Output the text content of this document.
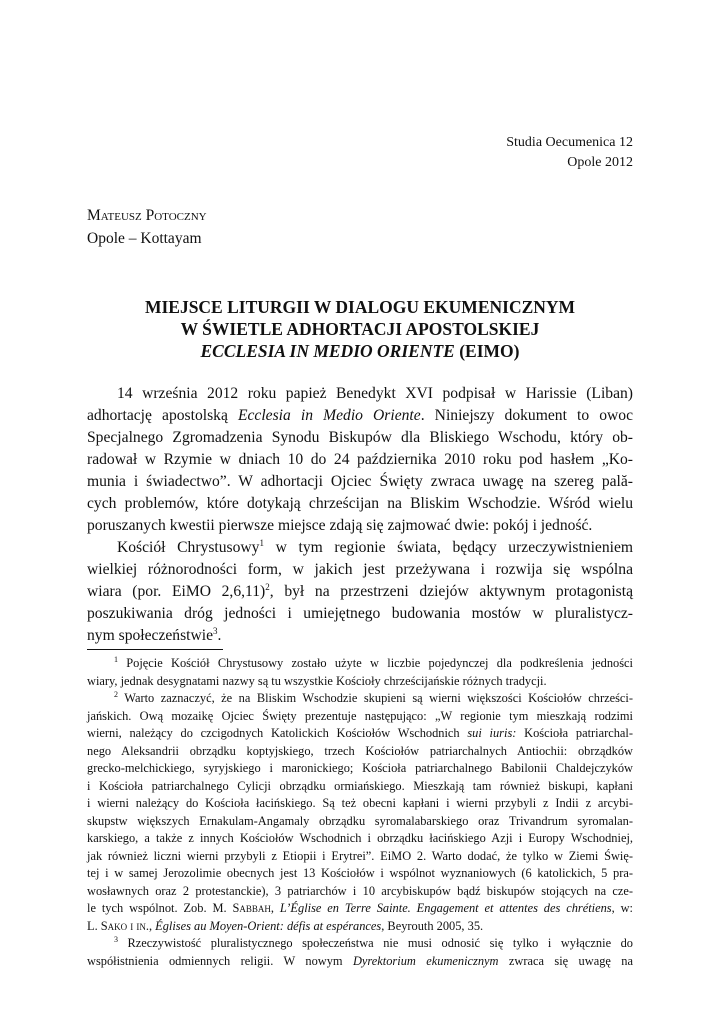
Studia Oecumenica 12
Opole 2012
Mateusz Potoczny
Opole – Kottayam
MIEJSCE LITURGII W DIALOGU EKUMENICZNYM
W ŚWIETLE ADHORTACJI APOSTOLSKIEJ
ECCLESIA IN MEDIO ORIENTE (EIMO)
14 września 2012 roku papież Benedykt XVI podpisał w Harissie (Liban)
adhortację apostolską Ecclesia in Medio Oriente. Niniejszy dokument to owoc
Specjalnego Zgromadzenia Synodu Biskupów dla Bliskiego Wschodu, który ob-
radował w Rzymie w dniach 10 do 24 października 2010 roku pod hasłem „Ko-
munia i świadectwo”. W adhortacji Ojciec Święty zwraca uwagę na szereg pală-
cych problemów, które dotykają chrześcijan na Bliskim Wschodzie. Wśród wielu
poruszanych kwestii pierwsze miejsce zdają się zajmować dwie: pokój i jedność.
Kościół Chrystusowy$^1$ w tym regionie świata, będący urzeczywistnieniem
wielkiej różnorodności form, w jakich jest przeżywana i rozwija się wspólna
wiara (por. EiMO 2,6,11)$^2$, był na przestrzeni dziejów aktywnym protagonistą
poszukiwania dróg jedności i umiejętnego budowania mostów w pluralistycz-
nym społeczeństwie$^3$.
$^1$ Pojęcie Kościół Chrystusowy zostało użyte w liczbie pojedynczej dla podkreślenia jedności
wiary, jednak desygnatami nazwy są tu wszystkie Kościoły chrześcijańskie różnych tradycji.
$^2$ Warto zaznaczyć, że na Bliskim Wschodzie skupieni są wierni większości Kościołów chrześci-
jańskich. Ową mozaikę Ojciec Święty prezentuje następująco: „W regionie tym mieszkają rodzimi
wierni, należący do czcigodnych Katolickich Kościołów Wschodnich sui iuris: Kościoła patriarchal-
nego Aleksandrii obrządku koptyjskiego, trzech Kościołów patriarchalnych Antiochii: obrządków
grecko-melchickiego, syryjskiego i maronickiego; Kościoła patriarchalnego Babilonii Chaldejczyków
i Kościoła patriarchalnego Cylicji obrządku ormiańskiego. Mieszkają tam również biskupi, kapłani
i wierni należący do Kościoła łacińskiego. Są też obecni kapłani i wierni przybyli z Indii z arcybi-
skupstw większych Ernakulam-Angamaly obrządku syromalabarskiego oraz Trivandrum syromalan-
karskiego, a także z innych Kościołów Wschodnich i obrządku łacińskiego Azji i Europy Wschodniej,
jak również liczni wierni przybyli z Etiopii i Erytrei”. EiMO 2. Warto dodać, że tylko w Ziemi Świę-
tej i w samej Jerozolimie obecnych jest 13 Kościołów i wspólnot wyznaniowych (6 katolickich, 5 pra-
wosławnych oraz 2 protestanckie), 3 patriarchów i 10 arcybiskupów bądź biskupów stojących na cze-
le tych wspólnot. Zob. M. Sabbah, L’Église en Terre Sainte. Engagement et attentes des chrétiens, w:
L. Sako i in., Églises au Moyen-Orient: défis at espérances, Beyrouth 2005, 35.
$^3$ Rzeczywistość pluralistycznego społeczeństwa nie musi odnosić się tylko i wyłącznie do
współistnienia odmiennych religii. W nowym Dyrektorium ekumenicznym zwraca się uwagę na
